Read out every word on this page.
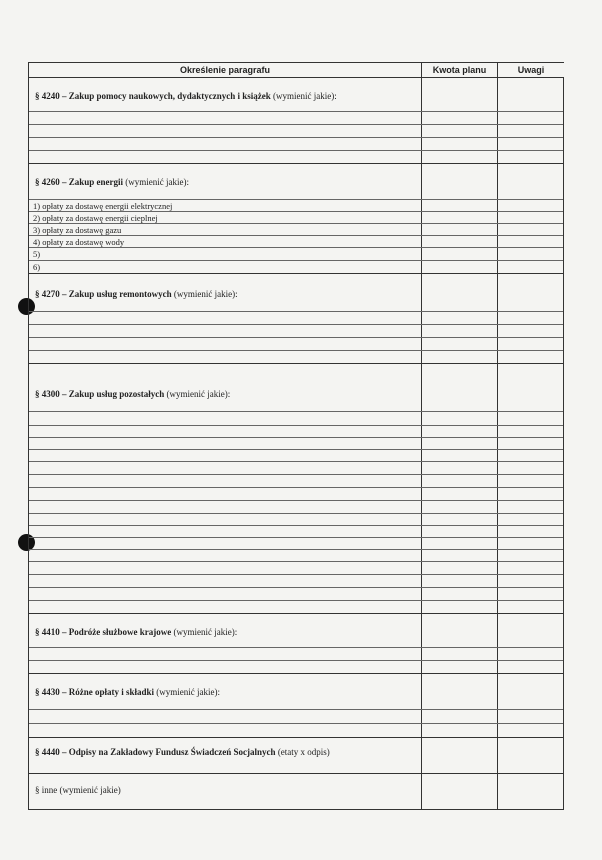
Określenie paragrafu	Kwota planu	Uwagi
§ 4240 – Zakup pomocy naukowych, dydaktycznych i książek (wymienić jakie):
§ 4260 – Zakup energii (wymienić jakie):
1) opłaty za dostawę energii elektrycznej
2) opłaty za dostawę energii cieplnej
3) opłaty za dostawę gazu
4) opłaty za dostawę wody
5)
6)
§ 4270 – Zakup usług remontowych (wymienić jakie):
§ 4300 – Zakup usług pozostałych (wymienić jakie):
§ 4410 – Podróże służbowe krajowe (wymienić jakie):
§ 4430 – Różne opłaty i składki (wymienić jakie):
§ 4440 – Odpisy na Zakładowy Fundusz Świadczeń Socjalnych (etaty x odpis)
§ inne (wymienić jakie)
